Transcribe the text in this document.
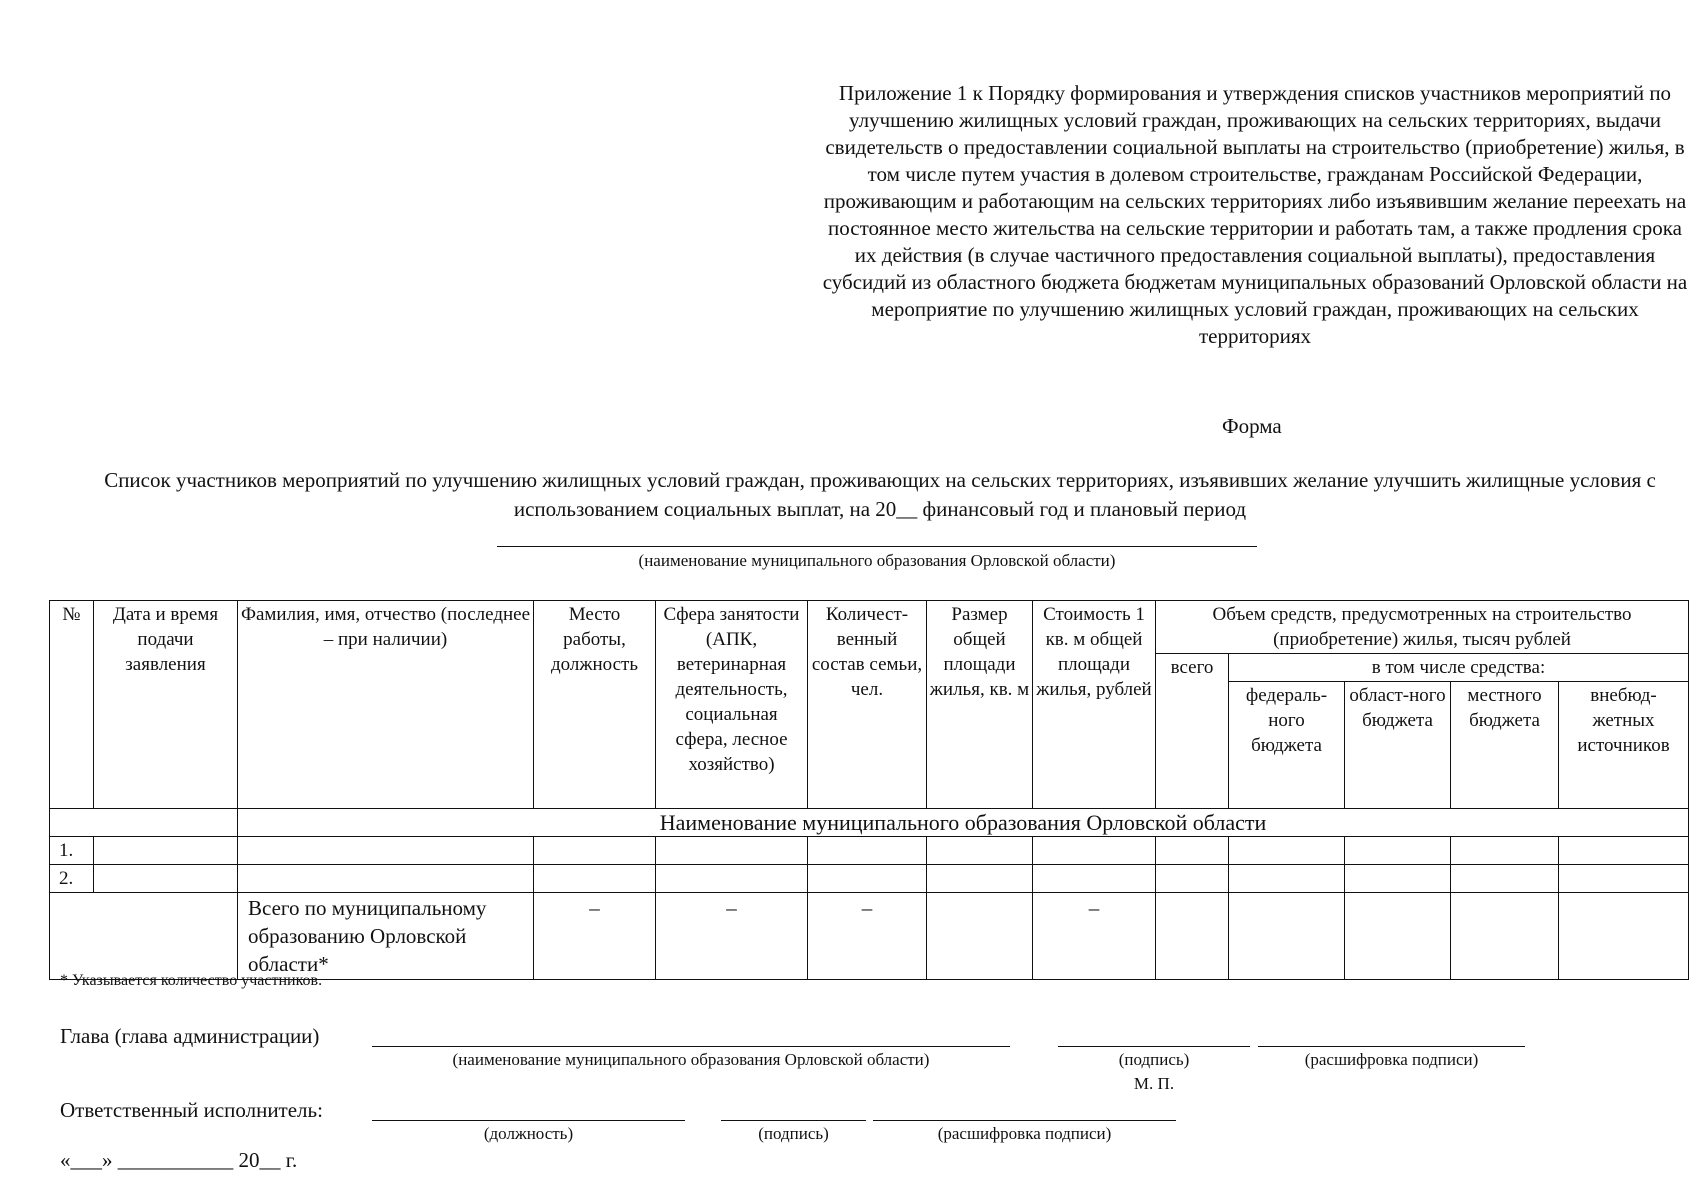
Приложение 1 к Порядку формирования и утверждения списков участников мероприятий по улучшению жилищных условий граждан, проживающих на сельских территориях, выдачи свидетельств о предоставлении социальной выплаты на строительство (приобретение) жилья, в том числе путем участия в долевом строительстве, гражданам Российской Федерации, проживающим и работающим на сельских территориях либо изъявившим желание переехать на постоянное место жительства на сельские территории и работать там, а также продления срока их действия (в случае частичного предоставления социальной выплаты), предоставления субсидий из областного бюджета бюджетам муниципальных образований Орловской области на мероприятие по улучшению жилищных условий граждан, проживающих на сельских территориях
Форма
Список участников мероприятий по улучшению жилищных условий граждан, проживающих на сельских территориях, изъявивших желание улучшить жилищные условия с использованием социальных выплат, на 20__ финансовый год и плановый период
(наименование муниципального образования Орловской области)
№	Дата и время подачи заявления	Фамилия, имя, отчество (последнее – при наличии)	Место работы, должность	Сфера занятости (АПК, ветеринарная деятельность, социальная сфера, лесное хозяйство)	Количест-венный состав семьи, чел.	Размер общей площади жилья, кв. м	Стоимость 1 кв. м общей площади жилья, рублей	Объем средств, предусмотренных на строительство (приобретение) жилья, тысяч рублей				
								всего	в том числе средства:			
									федераль-ного бюджета	област-ного бюджета	местного бюджета	внебюд-жетных источников
		Наименование муниципального образования Орловской области										
1.												
2.												
		Всего по муниципальному образованию Орловской области*	–	–	–		–					
* Указывается количество участников.
Глава (глава администрации)
(наименование муниципального образования Орловской области)	(подпись)
М. П.
(расшифровка подписи)
Ответственный исполнитель:
(должность)	(подпись)	(расшифровка подписи)
«___» ___________ 20__ г.
